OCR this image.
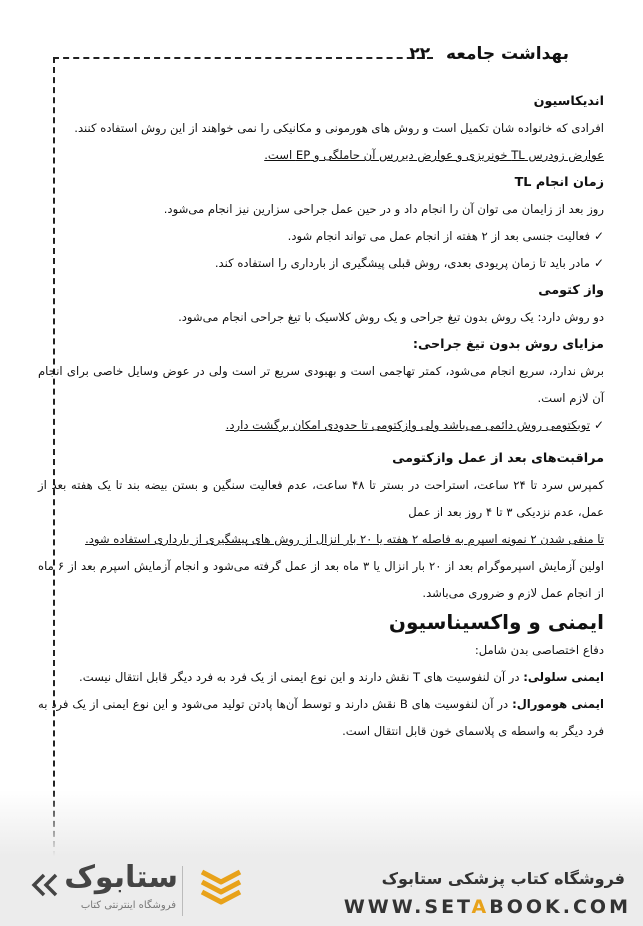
بهداشت جامعه ۲۲

اندیکاسیون

افرادی که خانواده شان تکمیل است و روش های هورمونی و مکانیکی را نمی خواهند از این روش استفاده کنند.

عوارض زودرس TL خونریزی و عوارض دیررس آن حاملگی و EP است.

زمان انجام TL

روز بعد از زایمان می توان آن را انجام داد و در حین عمل جراحی سزارین نیز انجام می‌شود.

✓
فعالیت جنسی بعد از ۲ هفته از انجام عمل می تواند انجام شود.

✓
مادر باید تا زمان پریودی بعدی، روش قبلی پیشگیری از بارداری را استفاده کند.

واز کتومی

دو روش دارد: یک روش بدون تیغ جراحی و یک روش کلاسیک با تیغ جراحی انجام می‌شود.

مزایای روش بدون تیغ جراحی:

برش ندارد، سریع انجام می‌شود، کمتر تهاجمی است و بهبودی سریع تر است ولی در عوض وسایل خاصی برای انجام آن لازم است.

✓
توبکتومی روش دائمی می‌باشد ولی وازکتومی تا حدودی امکان برگشت دارد.

مراقبت‌های بعد از عمل وازکتومی

کمپرس سرد تا ۲۴ ساعت، استراحت در بستر تا ۴۸ ساعت، عدم فعالیت سنگین و بستن بیضه بند تا یک هفته بعد از عمل، عدم نزدیکی ۳ تا ۴ روز بعد از عمل

تا منفی شدن ۲ نمونه اسپرم به فاصله ۲ هفته یا ۲۰ بار انزال از روش های پیشگیری از بارداری استفاده شود.

اولین آزمایش اسپرموگرام بعد از ۲۰ بار انزال یا ۳ ماه بعد از عمل گرفته می‌شود و انجام آزمایش اسپرم بعد از ۶ ماه از انجام عمل لازم و ضروری می‌باشد.

ایمنی و واکسیناسیون

دفاع اختصاصی بدن شامل:

ایمنی سلولی: در آن لنفوسیت های T نقش دارند و این نوع ایمنی از یک فرد به فرد دیگر قابل انتقال نیست.

ایمنی هومورال: در آن لنفوسیت های B نقش دارند و توسط آن‌ها پادتن تولید می‌شود و این نوع ایمنی از یک فرد به فرد دیگر به واسطه ی پلاسمای خون قابل انتقال است.

ستابوک
فروشگاه اینترنتی کتاب
فروشگاه کتاب پزشکی ستابوک
WWW.SETABOOK.COM
